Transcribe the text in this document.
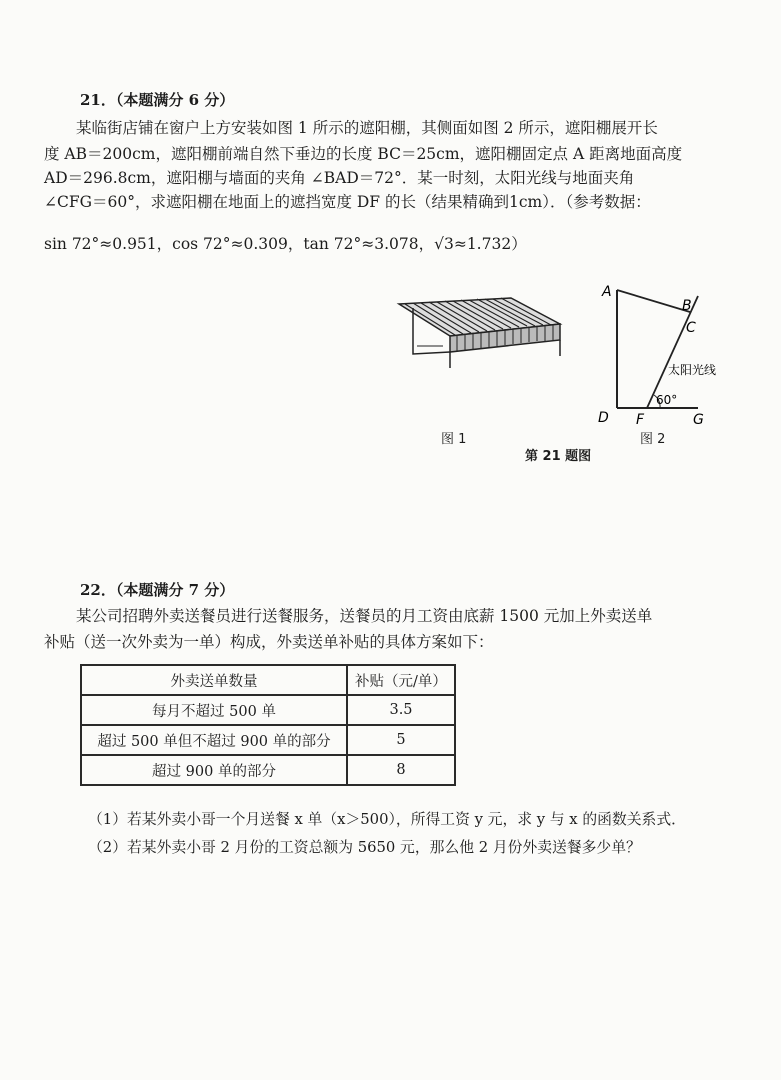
21．（本题满分 6 分）
某临街店铺在窗户上方安装如图 1 所示的遮阳棚，其侧面如图 2 所示，遮阳棚展开长
度 AB＝200cm，遮阳棚前端自然下垂边的长度 BC＝25cm，遮阳棚固定点 A 距离地面高度
AD＝296.8cm，遮阳棚与墙面的夹角 ∠BAD＝72°．某一时刻，太阳光线与地面夹角
∠CFG＝60°，求遮阳棚在地面上的遮挡宽度 DF 的长（结果精确到1cm）．（参考数据：
sin 72°≈0.951，cos 72°≈0.309，tan 72°≈3.078，√3≈1.732）
A
B
C
D F	G
太阳光线
60°
图 1	图 2
第 21 题图
22．（本题满分 7 分）
某公司招聘外卖送餐员进行送餐服务，送餐员的月工资由底薪 1500 元加上外卖送单
补贴（送一次外卖为一单）构成，外卖送单补贴的具体方案如下：
外卖送单数量	补贴（元/单）
每月不超过 500 单	3.5
超过 500 单但不超过 900 单的部分	5
超过 900 单的部分	8
（1）若某外卖小哥一个月送餐 x 单（x＞500），所得工资 y 元，求 y 与 x 的函数关系式．
（2）若某外卖小哥 2 月份的工资总额为 5650 元，那么他 2 月份外卖送餐多少单？
